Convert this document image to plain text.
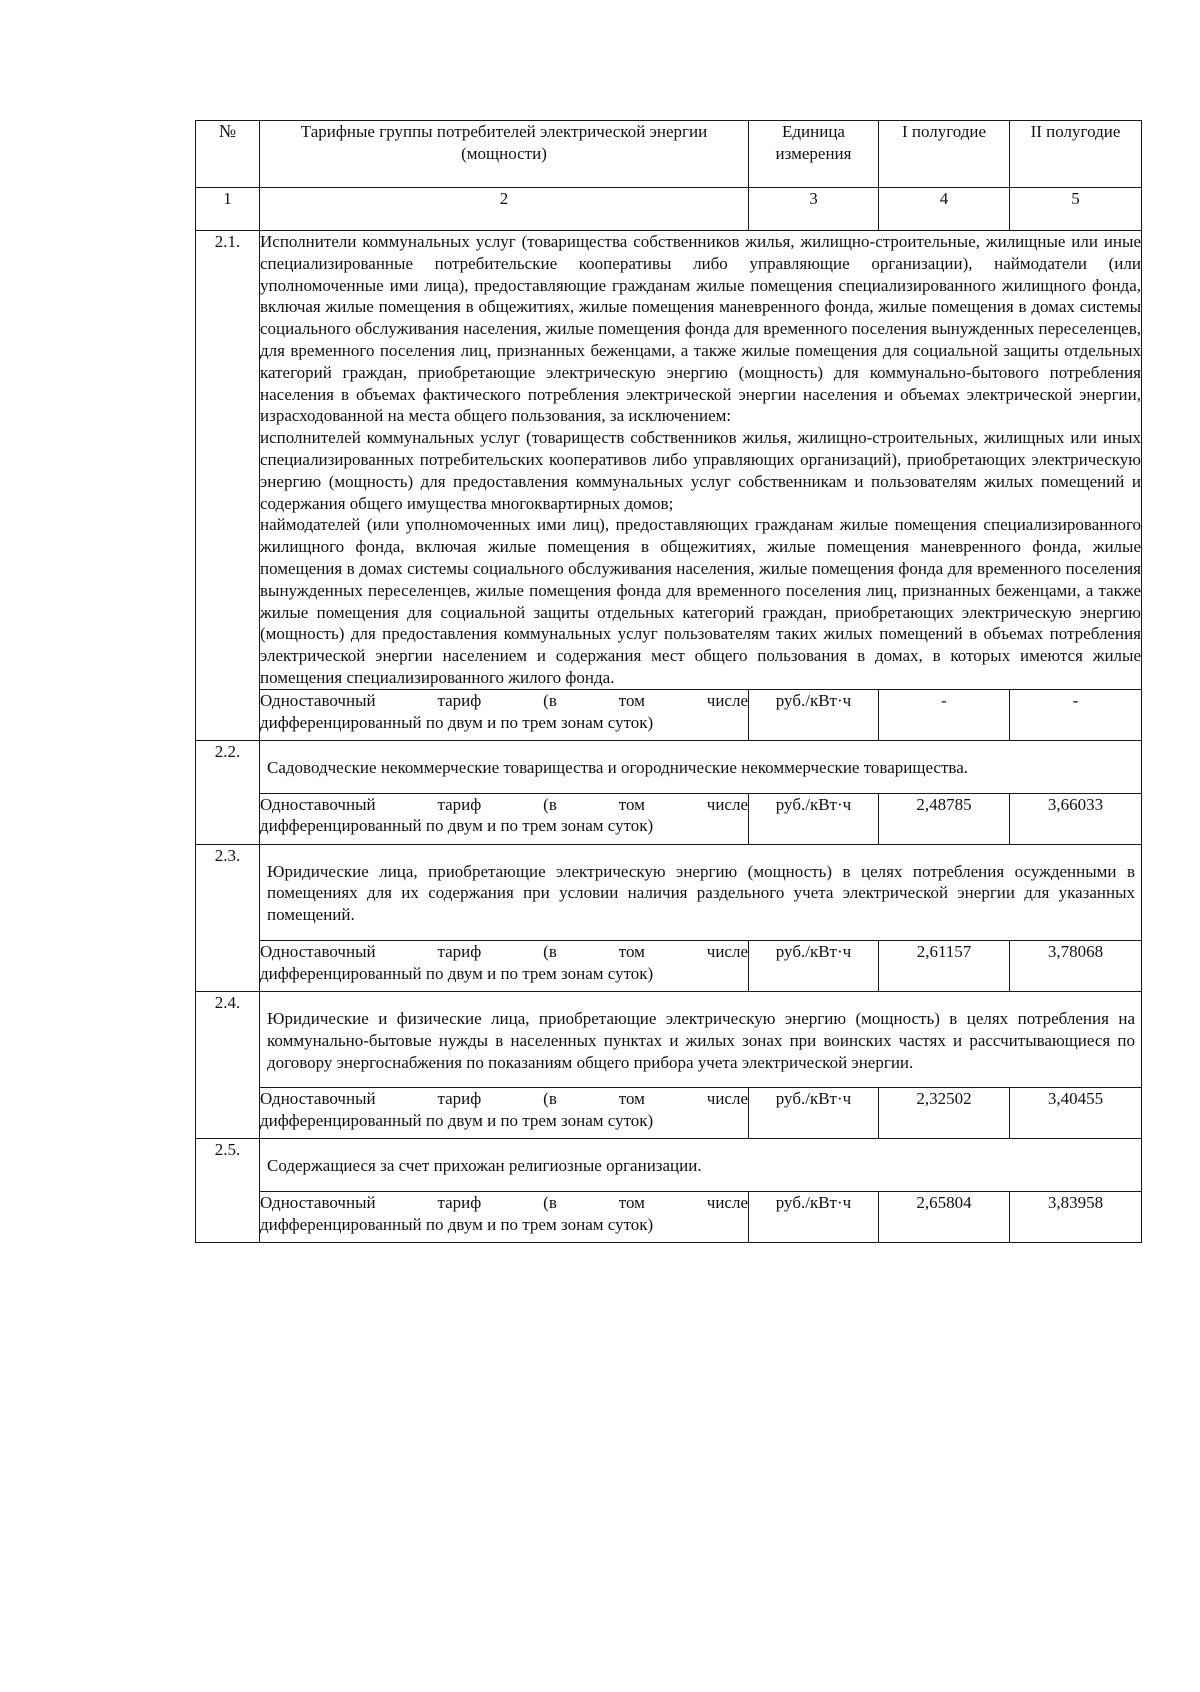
№	Тарифные группы потребителей электрической энергии (мощности)	Единица измерения	I полугодие	II полугодие

1	2	3	4	5
2.1.	Исполнители коммунальных услуг (товарищества собственников жилья, жилищно-строительные, жилищные или иные специализированные потребительские кооперативы либо управляющие организации), наймодатели (или уполномоченные ими лица), предоставляющие гражданам жилые помещения специализированного жилищного фонда, включая жилые помещения в общежитиях, жилые помещения маневренного фонда, жилые помещения в домах системы социального обслуживания населения, жилые помещения фонда для временного поселения вынужденных переселенцев, для временного поселения лиц, признанных беженцами, а также жилые помещения для социальной защиты отдельных категорий граждан, приобретающие электрическую энергию (мощность) для коммунально-бытового потребления населения в объемах фактического потребления электрической энергии населения и объемах электрической энергии, израсходованной на места общего пользования, за исключением:
исполнителей коммунальных услуг (товариществ собственников жилья, жилищно-строительных, жилищных или иных специализированных потребительских кооперативов либо управляющих организаций), приобретающих электрическую энергию (мощность) для предоставления коммунальных услуг собственникам и пользователям жилых помещений и содержания общего имущества многоквартирных домов;
наймодателей (или уполномоченных ими лиц), предоставляющих гражданам жилые помещения специализированного жилищного фонда, включая жилые помещения в общежитиях, жилые помещения маневренного фонда, жилые помещения в домах системы социального обслуживания населения, жилые помещения фонда для временного поселения вынужденных переселенцев, жилые помещения фонда для временного поселения лиц, признанных беженцами, а также жилые помещения для социальной защиты отдельных категорий граждан, приобретающих электрическую энергию (мощность) для предоставления коммунальных услуг пользователям таких жилых помещений в объемах потребления электрической энергии населением и содержания мест общего пользования в домах, в которых имеются жилые помещения специализированного жилого фонда.			

	Одноставочный тариф (в том числе
дифференцированный по двум и по трем зонам суток)	руб./кВт·ч	-	-
2.2.	Садоводческие некоммерческие товарищества и огороднические некоммерческие товарищества.			

	Одноставочный тариф (в том числе
дифференцированный по двум и по трем зонам суток)	руб./кВт·ч	2,48785	3,66033
2.3.	Юридические лица, приобретающие электрическую энергию (мощность) в целях потребления осужденными в помещениях для их содержания при условии наличия раздельного учета электрической энергии для указанных помещений.			

	Одноставочный тариф (в том числе
дифференцированный по двум и по трем зонам суток)	руб./кВт·ч	2,61157	3,78068
2.4.	Юридические и физические лица, приобретающие электрическую энергию (мощность) в целях потребления на коммунально-бытовые нужды в населенных пунктах и жилых зонах при воинских частях и рассчитывающиеся по договору энергоснабжения по показаниям общего прибора учета электрической энергии.			

	Одноставочный тариф (в том числе
дифференцированный по двум и по трем зонам суток)	руб./кВт·ч	2,32502	3,40455
2.5.	Содержащиеся за счет прихожан религиозные организации.			

	Одноставочный тариф (в том числе
дифференцированный по двум и по трем зонам суток)	руб./кВт·ч	2,65804	3,83958
